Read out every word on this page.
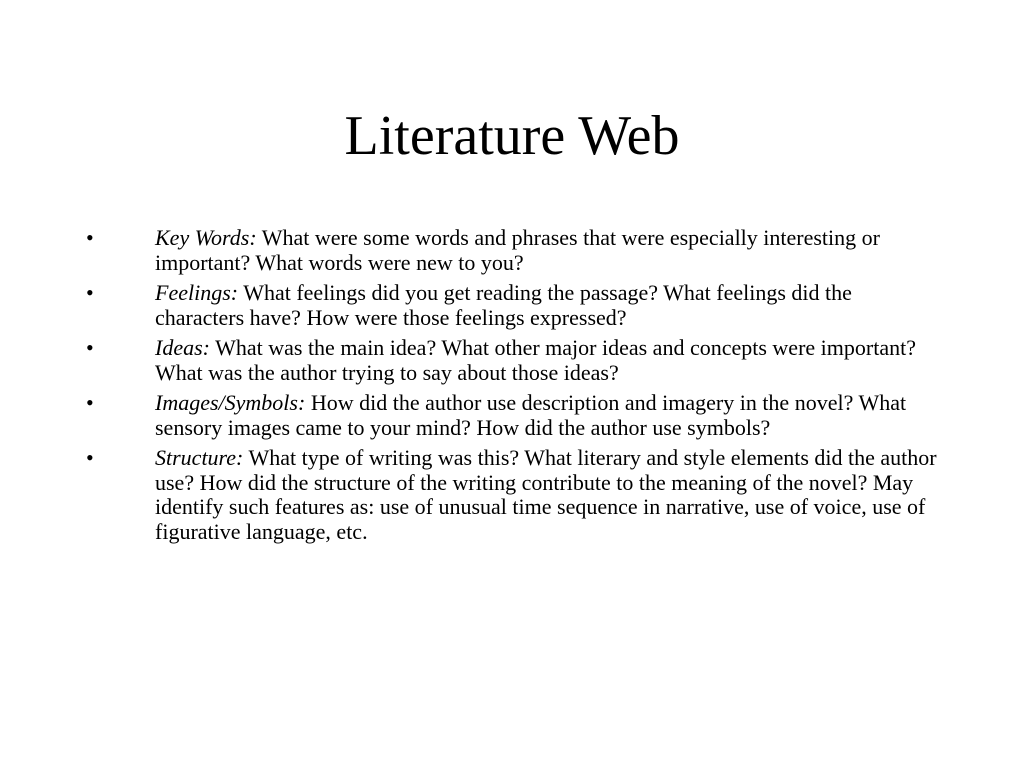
Literature Web
•	Key Words: What were some words and phrases that were especially interesting or important? What words were new to you?
•	Feelings: What feelings did you get reading the passage? What feelings did the characters have? How were those feelings expressed?
•	Ideas: What was the main idea? What other major ideas and concepts were important? What was the author trying to say about those ideas?
•	Images/Symbols: How did the author use description and imagery in the novel? What sensory images came to your mind? How did the author use symbols?
•	Structure: What type of writing was this? What literary and style elements did the author use? How did the structure of the writing contribute to the meaning of the novel? May identify such features as: use of unusual time sequence in narrative, use of voice, use of figurative language, etc.
